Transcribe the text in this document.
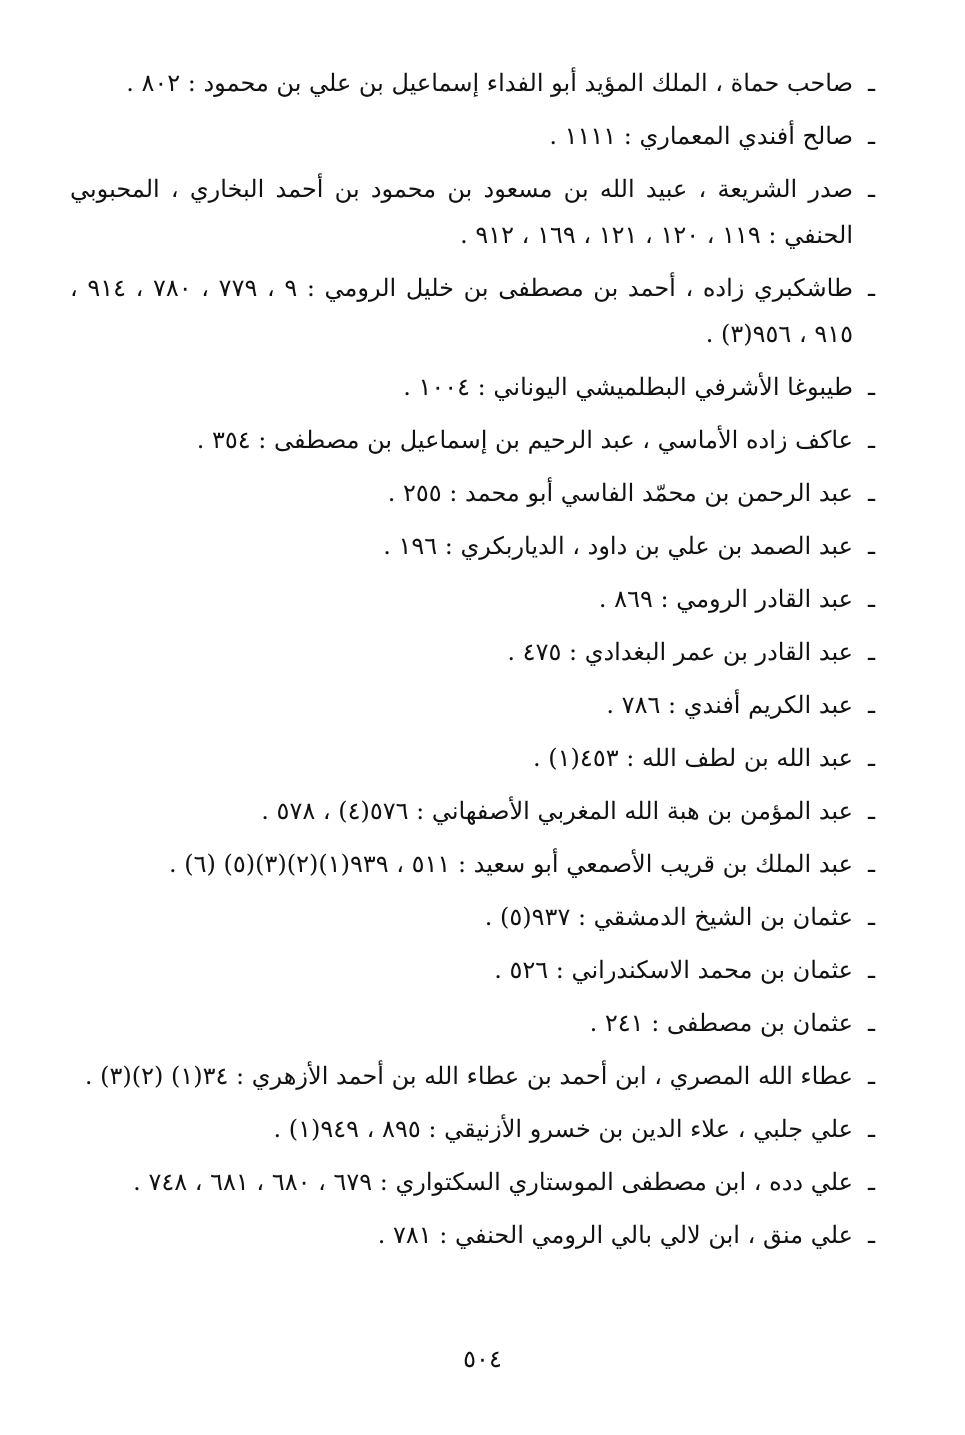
ـ
صاحب حماة ، الملك المؤيد أبو الفداء إسماعيل بن علي بن محمود : ٨٠٢ .
ـ
صالح أفندي المعماري : ١١١١ .
ـ
صدر الشريعة ، عبيد الله بن مسعود بن محمود بن أحمد البخاري ، المحبوبي الحنفي : ١١٩ ، ١٢٠ ، ١٢١ ، ١٦٩ ، ٩١٢ .
ـ
طاشكبري زاده ، أحمد بن مصطفى بن خليل الرومي : ٩ ، ٧٧٩ ، ٧٨٠ ، ٩١٤ ، ٩١٥ ، ٩٥٦(٣) .
ـ
طيبوغا الأشرفي البطلميشي اليوناني : ١٠٠٤ .
ـ
عاكف زاده الأماسي ، عبد الرحيم بن إسماعيل بن مصطفى : ٣٥٤ .
ـ
عبد الرحمن بن محمّد الفاسي أبو محمد : ٢٥٥ .
ـ
عبد الصمد بن علي بن داود ، الدياربكري : ١٩٦ .
ـ
عبد القادر الرومي : ٨٦٩ .
ـ
عبد القادر بن عمر البغدادي : ٤٧٥ .
ـ
عبد الكريم أفندي : ٧٨٦ .
ـ
عبد الله بن لطف الله : ٤٥٣(١) .
ـ
عبد المؤمن بن هبة الله المغربي الأصفهاني : ٥٧٦(٤) ، ٥٧٨ .
ـ
عبد الملك بن قريب الأصمعي أبو سعيد : ٥١١ ، ٩٣٩(١)(٢)(٣)(٥) (٦) .
ـ
عثمان بن الشيخ الدمشقي : ٩٣٧(٥) .
ـ
عثمان بن محمد الاسكندراني : ٥٢٦ .
ـ
عثمان بن مصطفى : ٢٤١ .
ـ
عطاء الله المصري ، ابن أحمد بن عطاء الله بن أحمد الأزهري : ٣٤(١) (٢)(٣) .
ـ
علي جلبي ، علاء الدين بن خسرو الأزنيقي : ٨٩٥ ، ٩٤٩(١) .
ـ
علي دده ، ابن مصطفى الموستاري السكتواري : ٦٧٩ ، ٦٨٠ ، ٦٨١ ، ٧٤٨ .
ـ
علي منق ، ابن لالي بالي الرومي الحنفي : ٧٨١ .
٥٠٤
